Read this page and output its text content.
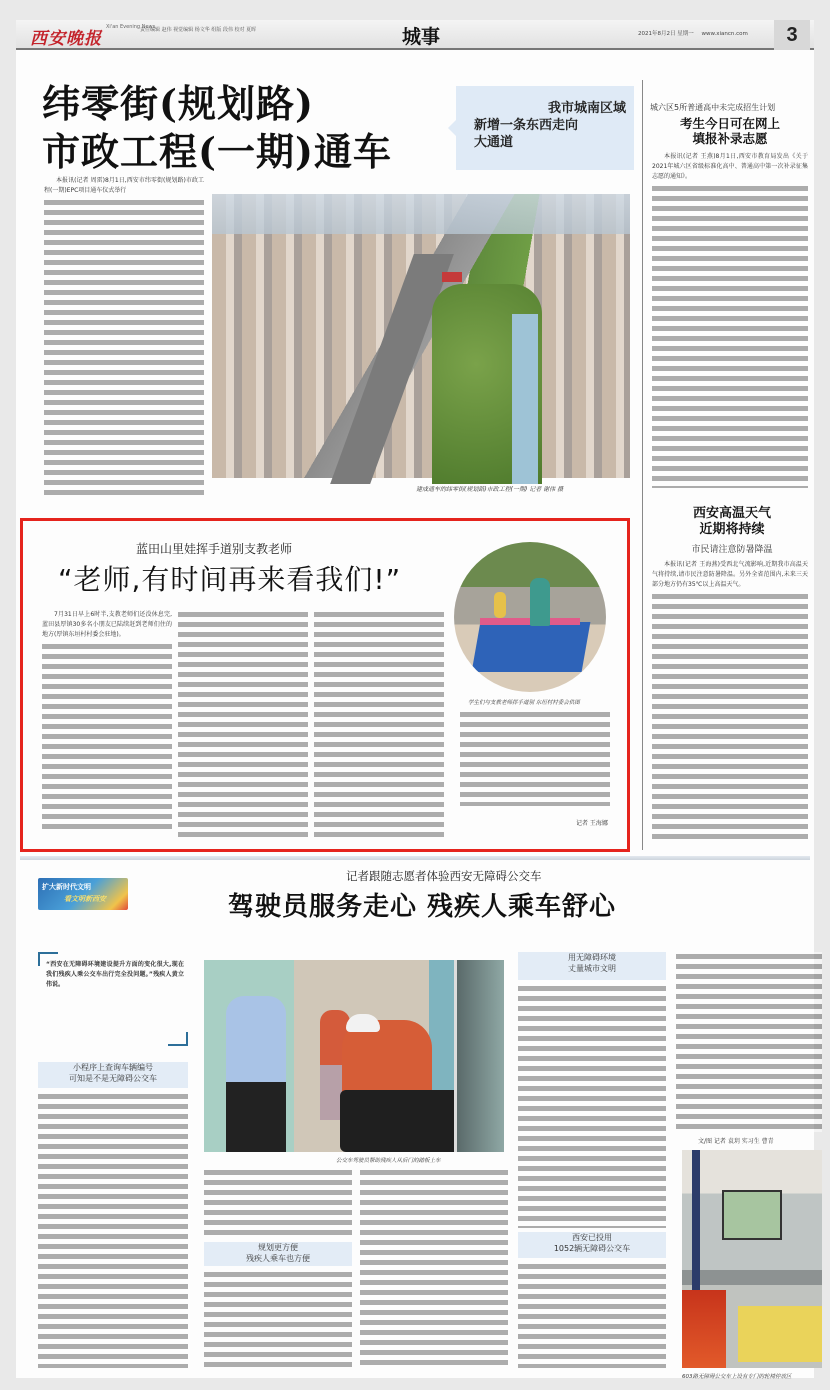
西安晚报
Xi'an Evening News
责任编辑 赵伟 视觉编辑 杨文华 组版 段伟 校对 夏晖	城事	2021年8月2日 星期一 www.xiancn.com	3
纬零街(规划路)
市政工程(一期)通车
我市城南区域
新增一条东西走向
大通道
本报讯(记者 周雷)8月1日,西安市纬零街(规划路)市政工程(一期)EPC项目通车仪式举行
建成通车的纬零街(规划路)市政工程(一期) 记者 谢伟 摄
城六区5所普通高中未完成招生计划
考生今日可在网上
填报补录志愿
本报讯(记者 王燕)8月1日,西安市教育局发出《关于2021年城六区省级标准化高中、普通高中第一次补录征集志愿的通知》。
西安高温天气
近期将持续
市民请注意防暑降温
本报讯(记者 王海燕)受西北气流影响,近期我市高温天气将持续,请市民注意防暑降温。另外全省范围内,未来三天部分地方仍有35℃以上高温天气。
蓝田山里娃挥手道别支教老师
“老师,有时间再来看我们!”
学生们与支教老师挥手道别 东垣村村委会供图
7月31日早上6时半,支教老师们还没休息完,蓝田县厚镇30多名小朋友已陆续赶到老师们住的地方(厚镇东垣村村委会驻地)。
记者 王海娜
扩大新时代文明
看文明新西安
记者跟随志愿者体验西安无障碍公交车
驾驶员服务走心 残疾人乘车舒心
“西安在无障碍环境建设提升方面的变化很大,现在我们残疾人乘公交车出行完全没问题。”残疾人黄立伟说。
小程序上查询车辆编号
可知是不是无障碍公交车
公交车驾驶员帮助残疾人从后门的踏板上车
规划更方便
残疾人乘车也方便
用无障碍环境
丈量城市文明
西安已投用
1052辆无障碍公交车
文/图 记者 袁玥 实习生 曹青
603路无障碍公交车上设有专门的轮椅停放区
